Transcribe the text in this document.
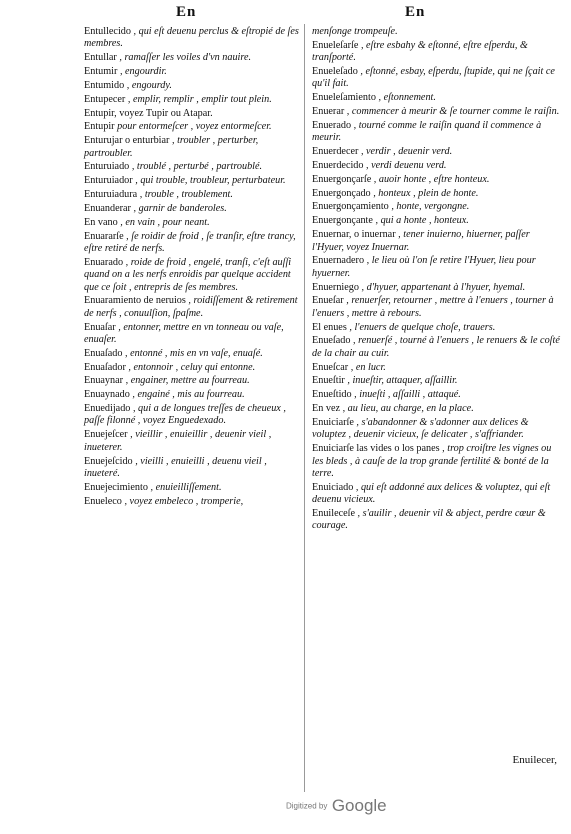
En	En
Entullecido , qui eſt deuenu perclus & eſtropié de ſes membres.
Entullar , ramaſſer les voiles d'vn nauire.
Entumir , engourdir.
Entumido , engourdy.
Entupecer , emplir, remplir , emplir tout plein.
Entupir, voyez Tupir ou Atapar.
Entupir pour entormeſcer , voyez entormeſcer.
Enturujar o enturbiar , troubler , perturber, partroubler.
Enturuiado , troublé , perturbé , partroublé.
Enturuiador , qui trouble, troubleur, perturbateur.
Enturuiadura , trouble , troublement.
Enuanderar , garnir de banderoles.
En vano , en vain , pour neant.
Enuararſe , ſe roidir de froid , ſe tranſir, eſtre trancy, eſtre retiré de nerfs.
Enuarado , roide de froid , engelé, tranſi, c'eſt auſſi quand on a les nerfs enroidis par quelque accident que ce ſoit , entrepris de ſes membres.
Enuaramiento de neruios , roidiſſement & retirement de nerfs , conuulſion, ſpaſme.
Enuaſar , entonner, mettre en vn tonneau ou vaſe, enuaſer.
Enuaſado , entonné , mis en vn vaſe, enuaſé.
Enuaſador , entonnoir , celuy qui entonne.
Enuaynar , engainer, mettre au fourreau.
Enuaynado , engainé , mis au fourreau.
Enuedijado , qui a de longues treſſes de cheueux , paſſe filonné , voyez Enguedexado.
Enuejeſcer , vieillir , enuieillir , deuenir vieil , inueterer.
Enuejeſcido , vieilli , enuieilli , deuenu vieil , inueteré.
Enuejecimiento , enuieilliſſement.
Enueleco , voyez embeleco , tromperie,
menſonge trompeuſe.
Enueleſarſe , eſtre esbahy & eſtonné, eſtre eſperdu, & tranſporté.
Enueleſado , eſtonné, esbay, eſperdu, ſtupide, qui ne ſçait ce qu'il fait.
Enueleſamiento , eſtonnement.
Enuerar , commencer à meurir & ſe tourner comme le raiſin.
Enuerado , tourné comme le raiſin quand il commence à meurir.
Enuerdecer , verdir , deuenir verd.
Enuerdecido , verdi deuenu verd.
Enuergonçarſe , auoir honte , eſtre honteux.
Enuergonçado , honteux , plein de honte.
Enuergonçamiento , honte, vergongne.
Enuergonçante , qui a honte , honteux.
Enuernar, o inuernar , tener inuierno, hiuerner, paſſer l'Hyuer, voyez Inuernar.
Enuernadero , le lieu où l'on ſe retire l'Hyuer, lieu pour hyuerner.
Enuerniego , d'hyuer, appartenant à l'hyuer, hyemal.
Enueſar , renuerſer, retourner , mettre à l'enuers , tourner à l'enuers , mettre à rebours.
El enues , l'enuers de quelque choſe, trauers.
Enueſado , renuerſé , tourné à l'enuers , le renuers & le coſté de la chair au cuir.
Enueſcar , en lucr.
Enueſtir , inueſtir, attaquer, aſſaillir.
Enueſtido , inueſti , aſſailli , attaqué.
En vez , au lieu, au charge, en la place.
Enuiciarſe , s'abandonner & s'adonner aux delices & voluptez , deuenir vicieux, ſe delicater , s'affriander.
Enuiciarſe las vides o los panes , trop croiſtre les vignes ou les bleds , à cauſe de la trop grande fertilité & bonté de la terre.
Enuiciado , qui eſt addonné aux delices & voluptez, qui eſt deuenu vicieux.
Enuileceſe , s'auilir , deuenir vil & abject, perdre cœur & courage.
Enuilecer,
Digitized by Google
